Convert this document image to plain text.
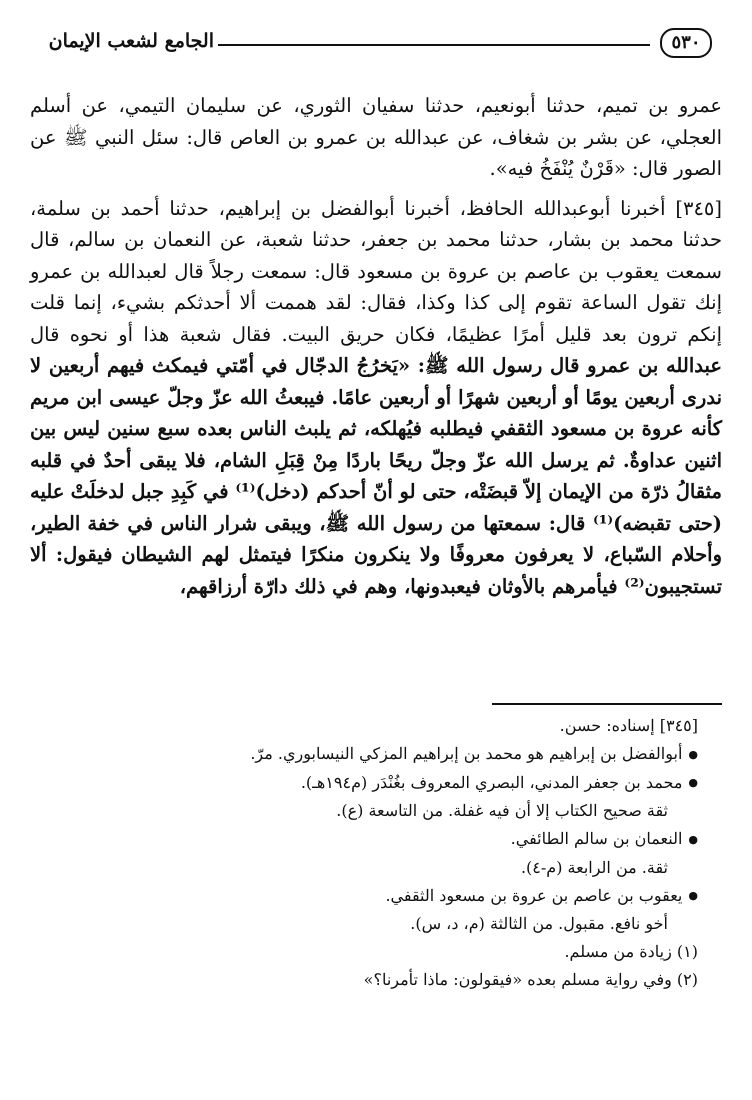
٥٣٠
الجامع لشعب الإيمان

عمرو بن تميم، حدثنا أبونعيم، حدثنا سفيان الثوري، عن سليمان التيمي، عن أسلم العجلي، عن بشر بن شغاف، عن عبدالله بن عمرو بن العاص قال: سئل النبي ﷺ عن الصور قال: «قَرْنٌ يُنْفَخُ فيه».

[٣٤٥] أخبرنا أبوعبدالله الحافظ، أخبرنا أبوالفضل بن إبراهيم، حدثنا أحمد بن سلمة، حدثنا محمد بن بشار، حدثنا محمد بن جعفر، حدثنا شعبة، عن النعمان بن سالم، قال سمعت يعقوب بن عاصم بن عروة بن مسعود قال: سمعت رجلاً قال لعبدالله بن عمرو إنك تقول الساعة تقوم إلى كذا وكذا، فقال: لقد هممت ألا أحدثكم بشيء، إنما قلت إنكم ترون بعد قليل أمرًا عظيمًا، فكان حريق البيت. فقال شعبة هذا أو نحوه قال عبدالله بن عمرو قال رسول الله ﷺ: «يَخرُجُ الدجّال في أمّتي فيمكث فيهم أربعين لا ندرى أربعين يومًا أو أربعين شهرًا أو أربعين عامًا. فيبعثُ الله عزّ وجلّ عيسى ابن مريم كأنه عروة بن مسعود الثقفي فيطلبه فيُهلكه، ثم يلبث الناس بعده سبع سنين ليس بين اثنين عداوةٌ. ثم يرسل الله عزّ وجلّ ريحًا باردًا مِنْ قِبَلِ الشام، فلا يبقى أحدٌ في قلبه مثقالُ ذرّة من الإيمان إلاّ قبضَتْه، حتى لو أنّ أحدكم (دخل)⁽¹⁾ في كَبِدِ جبل لدخلَتْ عليه (حتى تقبضه)⁽¹⁾ قال: سمعتها من رسول الله ﷺ، ويبقى شرار الناس في خفة الطير، وأحلام السّباع، لا يعرفون معروفًا ولا ينكرون منكرًا فيتمثل لهم الشيطان فيقول: ألا تستجيبون⁽²⁾ فيأمرهم بالأوثان فيعبدونها، وهم في ذلك دارّة أرزاقهم،

[٣٤٥] إسناده: حسن.
● أبوالفضل بن إبراهيم هو محمد بن إبراهيم المزكي النيسابوري. مرّ.
● محمد بن جعفر المدني، البصري المعروف بغُنْدَر (م١٩٤هـ).
ثقة صحيح الكتاب إلا أن فيه غفلة. من التاسعة (ع).
● النعمان بن سالم الطائفي.
ثقة. من الرابعة (م-٤).
● يعقوب بن عاصم بن عروة بن مسعود الثقفي.
أخو نافع. مقبول. من الثالثة (م، د، س).
(١) زيادة من مسلم.
(٢) وفي رواية مسلم بعده «فيقولون: ماذا تأمرنا؟»
